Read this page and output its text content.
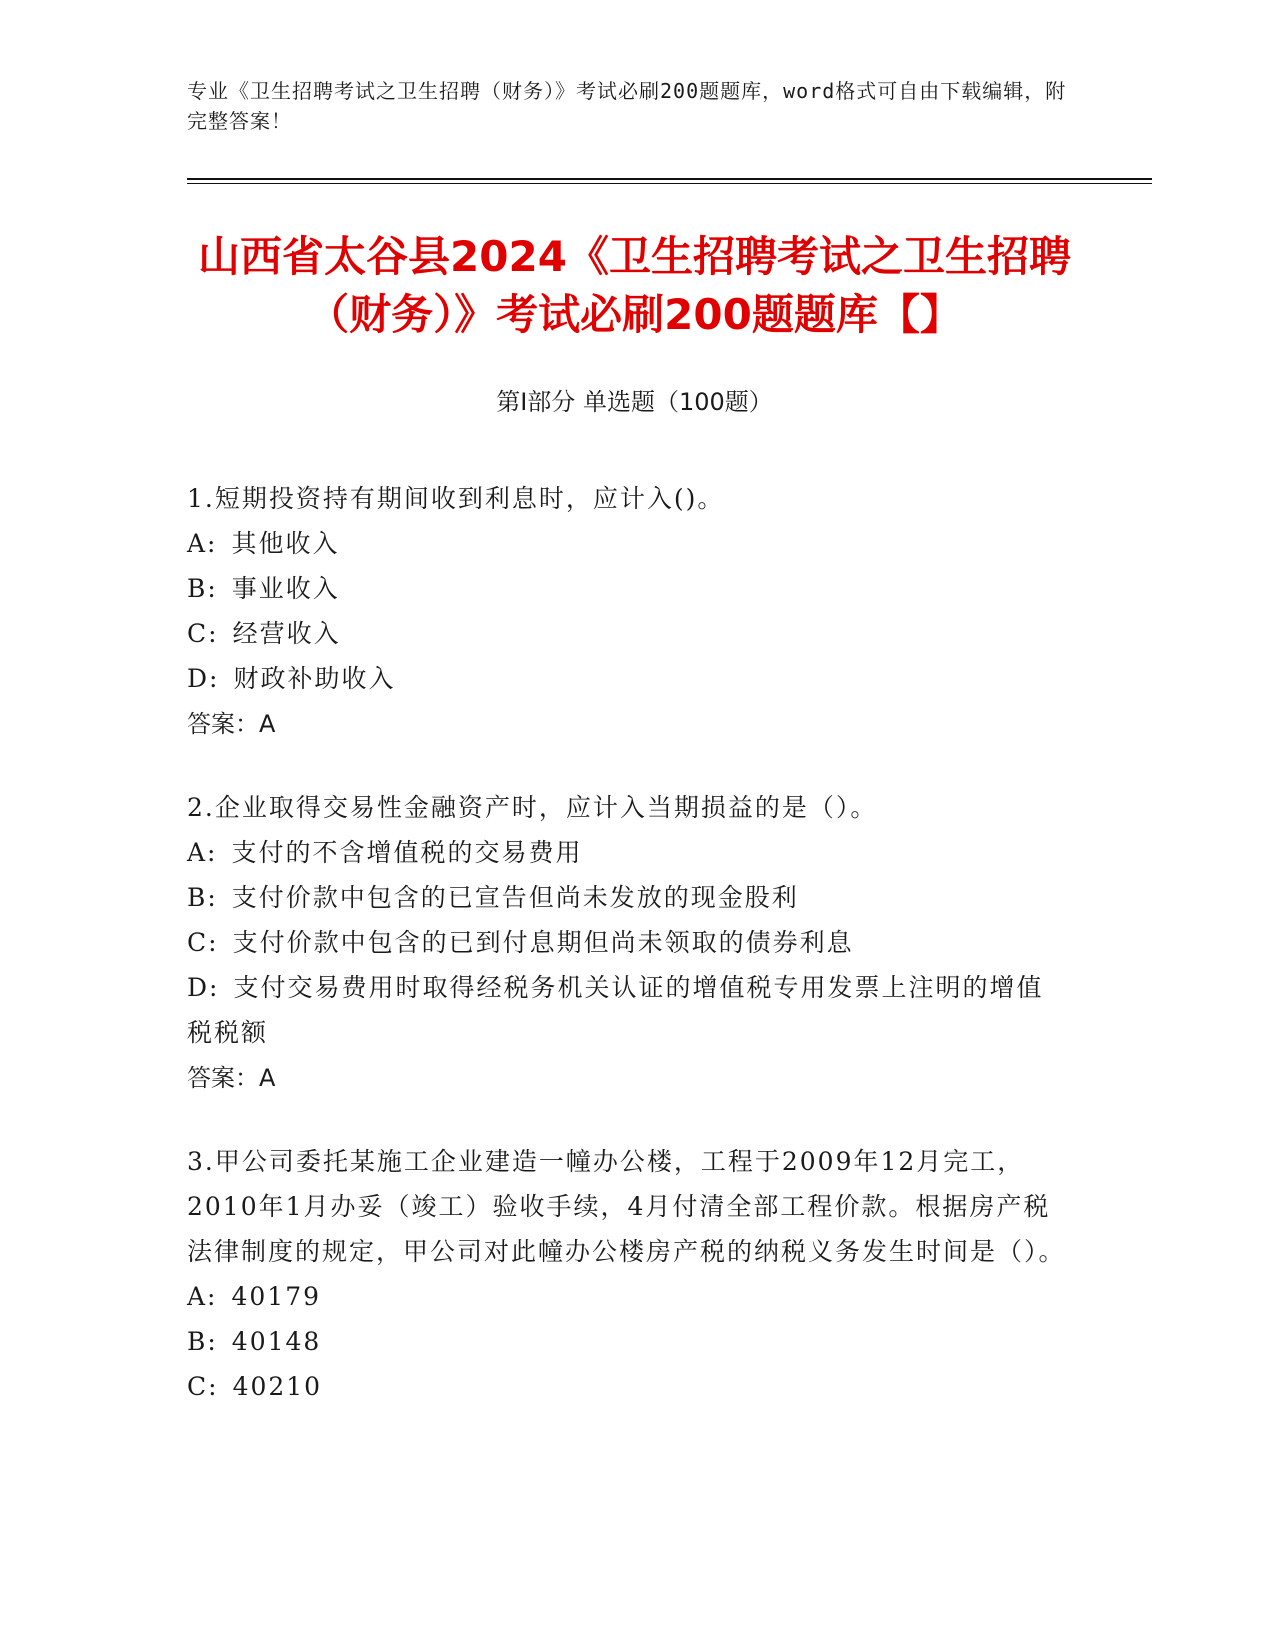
专业《卫生招聘考试之卫生招聘（财务）》考试必刷200题题库，word格式可自由下载编辑，附完整答案！
山西省太谷县2024《卫生招聘考试之卫生招聘（财务）》考试必刷200题题库【】
第Ⅰ部分 单选题（100题）
1.短期投资持有期间收到利息时，应计入()。
A: 其他收入
B: 事业收入
C: 经营收入
D: 财政补助收入
答案：A
2.企业取得交易性金融资产时，应计入当期损益的是（）。
A: 支付的不含增值税的交易费用
B: 支付价款中包含的已宣告但尚未发放的现金股利
C: 支付价款中包含的已到付息期但尚未领取的债券利息
D: 支付交易费用时取得经税务机关认证的增值税专用发票上注明的增值税税额
答案：A
3.甲公司委托某施工企业建造一幢办公楼，工程于2009年12月完工，2010年1月办妥（竣工）验收手续，4月付清全部工程价款。根据房产税法律制度的规定，甲公司对此幢办公楼房产税的纳税义务发生时间是（）。
A: 40179
B: 40148
C: 40210
